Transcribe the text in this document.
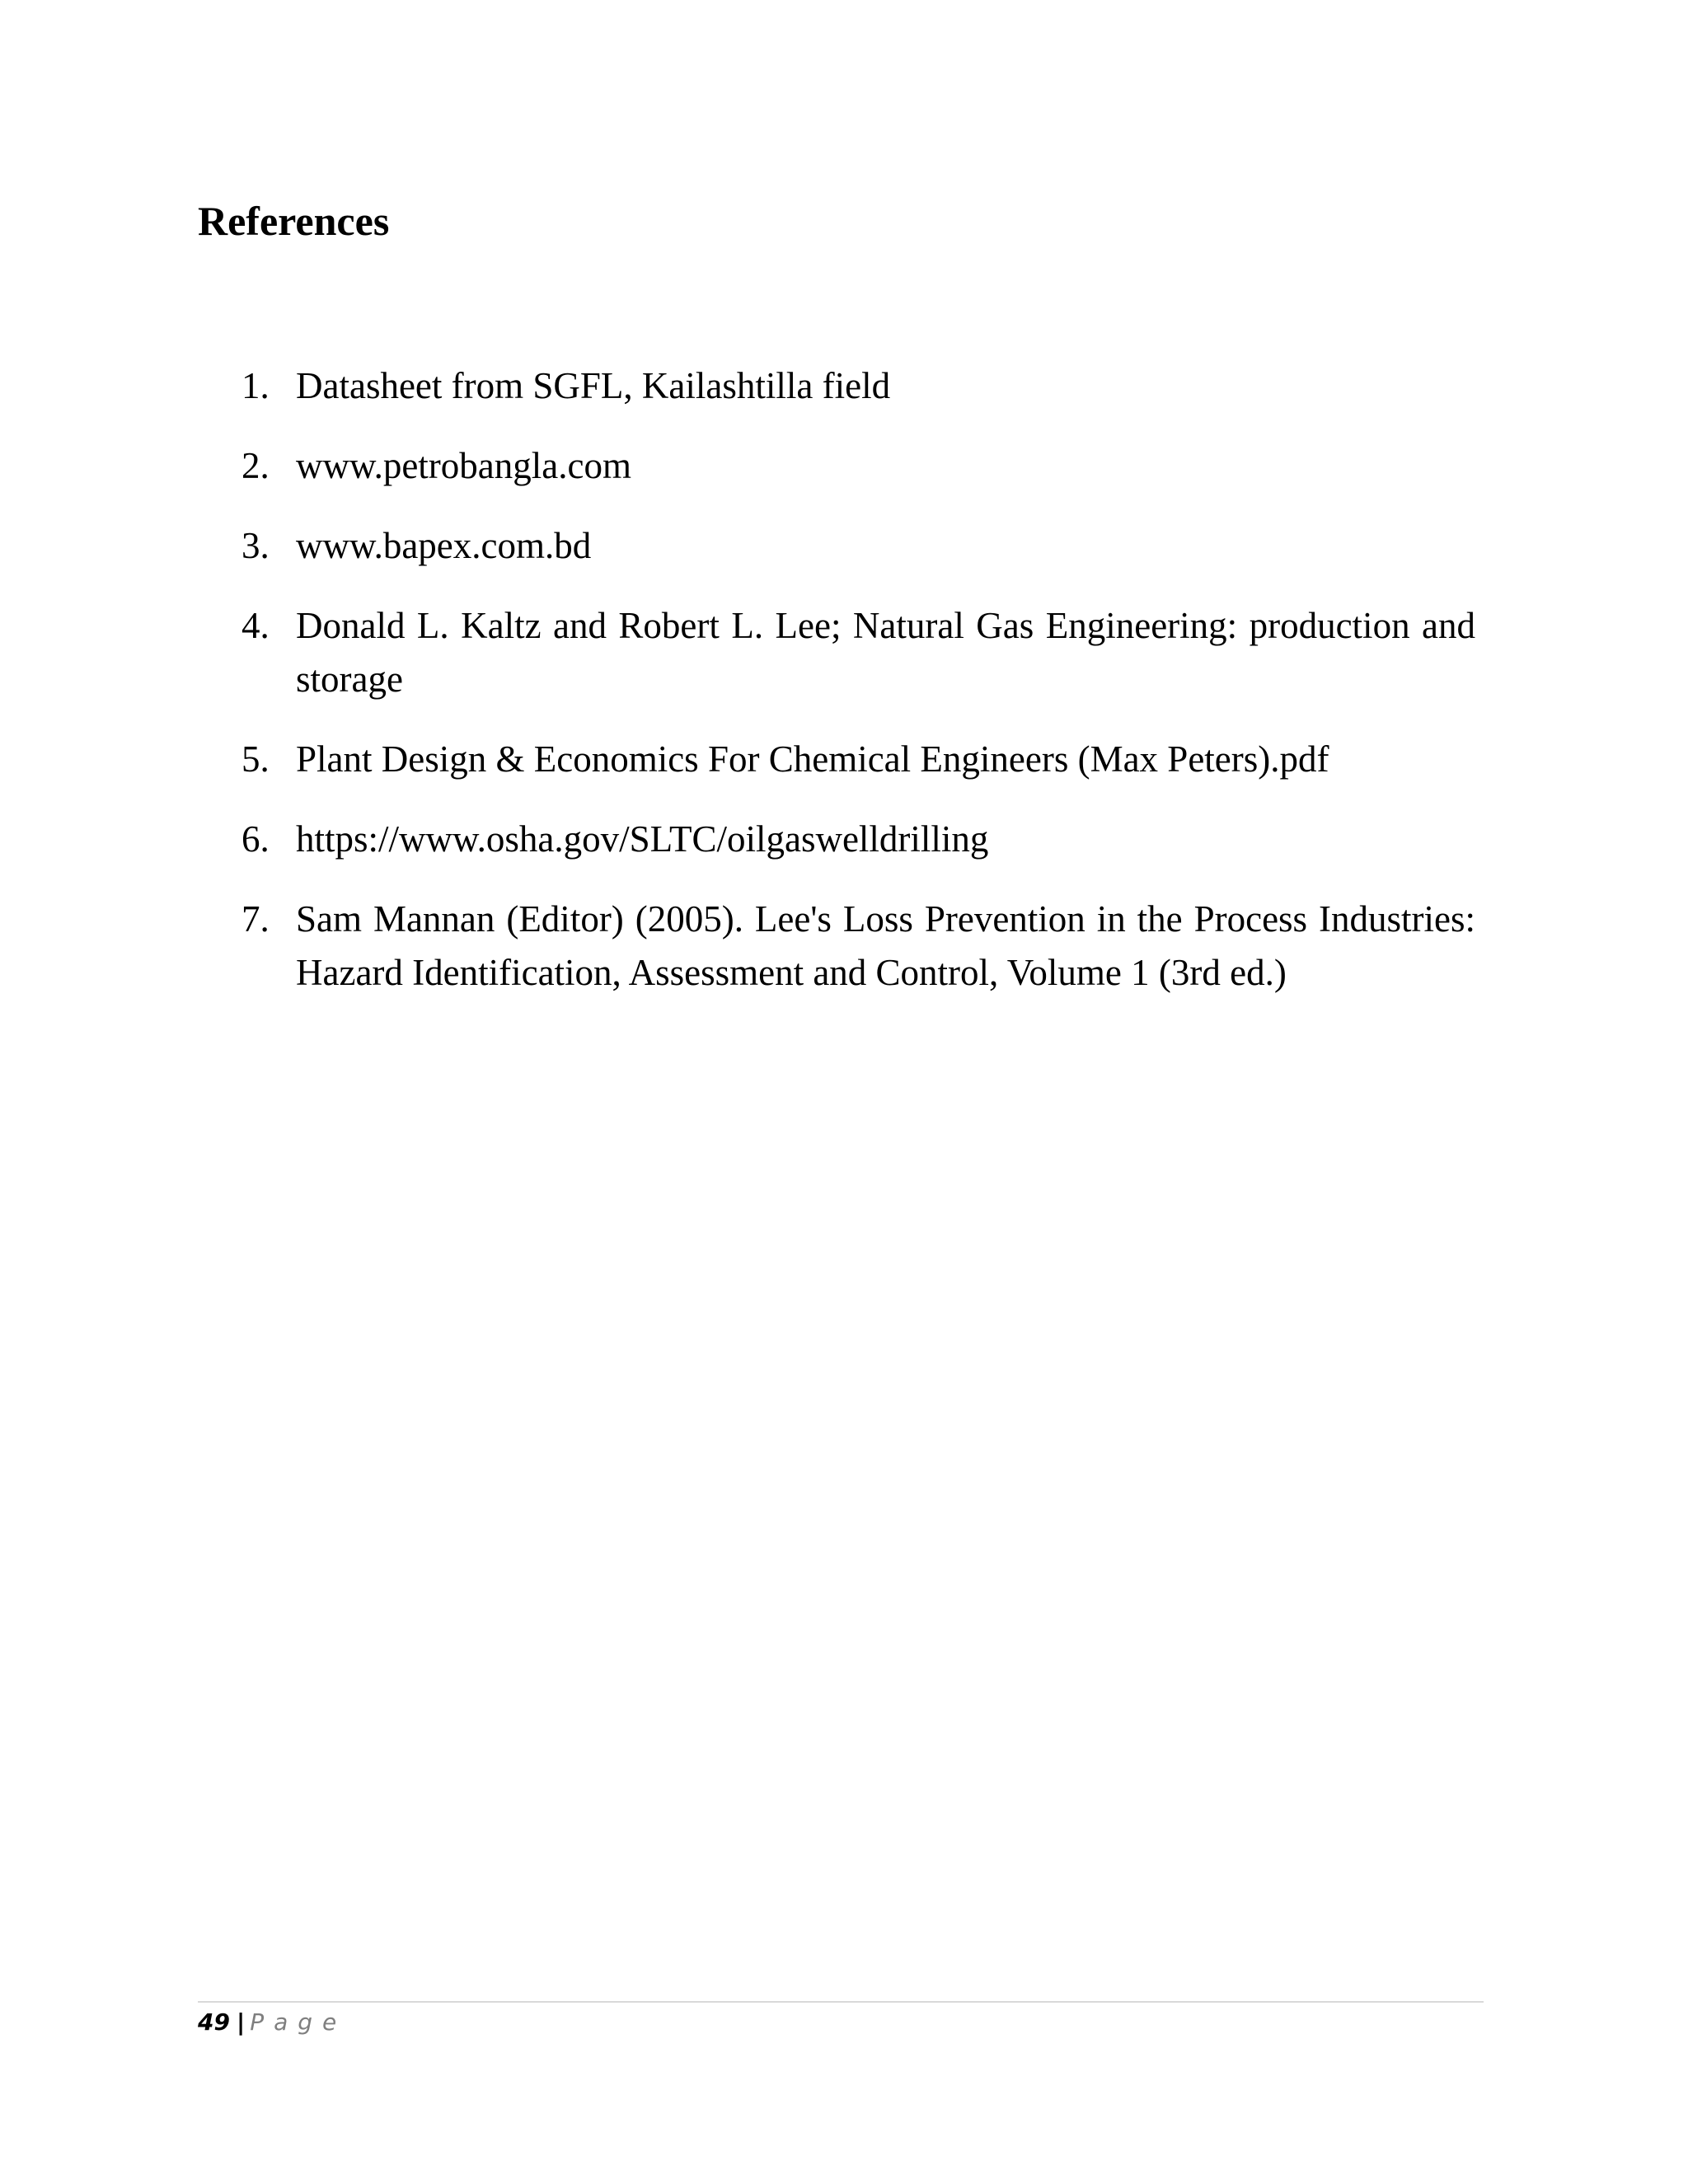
References
1. Datasheet from SGFL, Kailashtilla field
2. www.petrobangla.com
3. www.bapex.com.bd
4. Donald L. Kaltz and Robert L. Lee; Natural Gas Engineering: production and storage
5. Plant Design & Economics For Chemical Engineers (Max Peters).pdf
6. https://www.osha.gov/SLTC/oilgaswelldrilling
7. Sam Mannan (Editor) (2005). Lee's Loss Prevention in the Process Industries: Hazard Identification, Assessment and Control, Volume 1 (3rd ed.)
49 | Page
